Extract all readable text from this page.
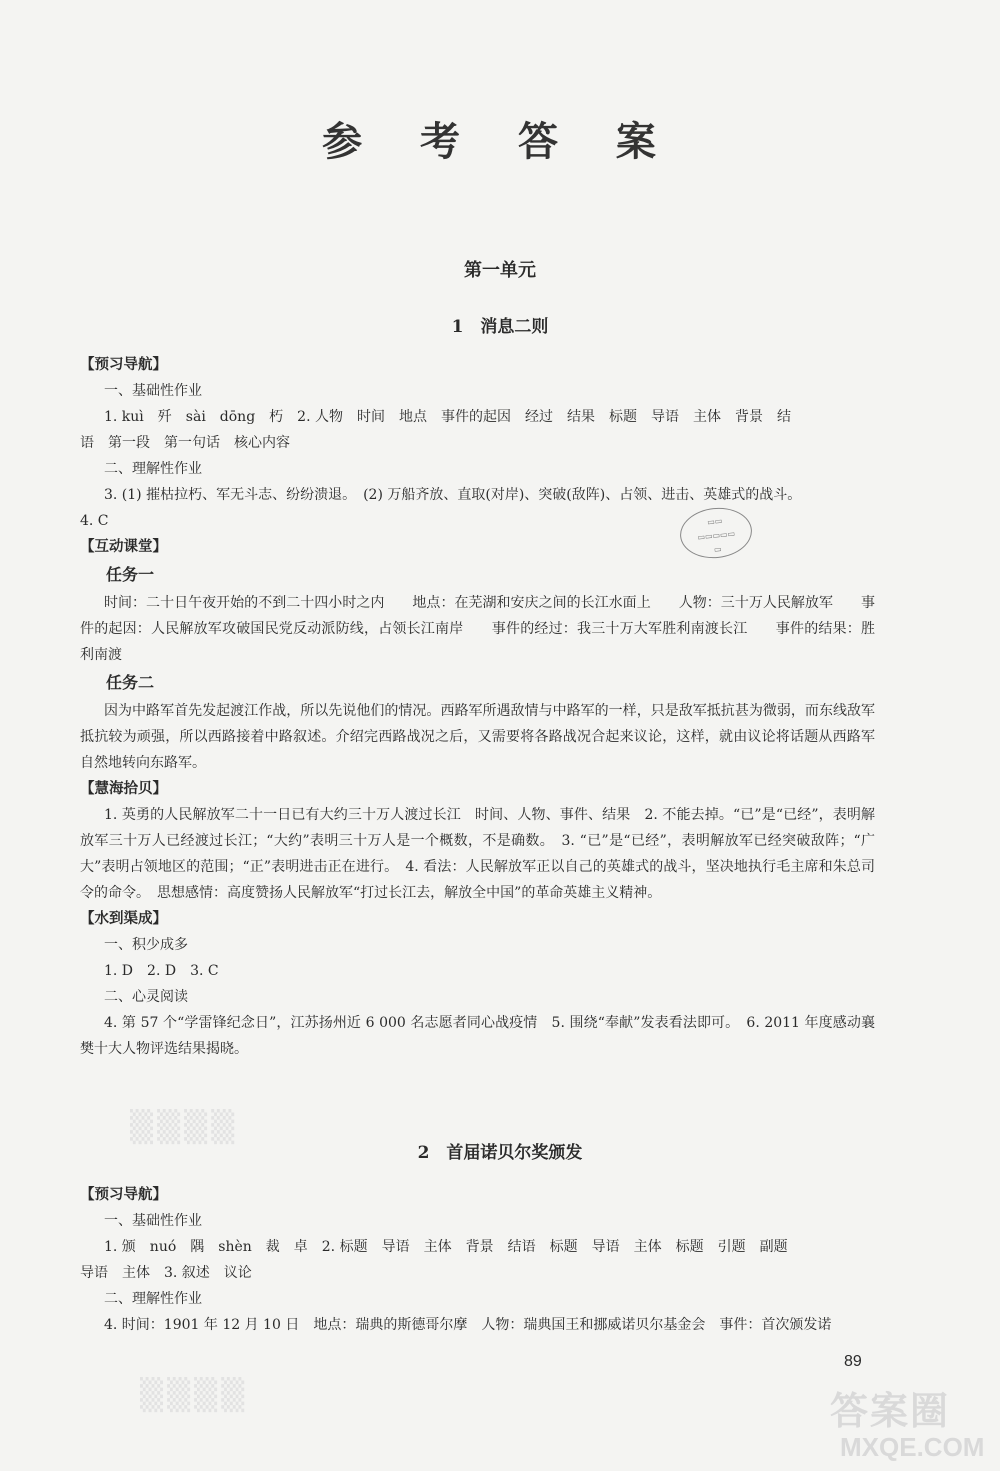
参 考 答 案
第一单元
1　消息二则

【预习导航】

一、基础性作业

1. kuì　歼　sài　dōng　朽　2. 人物　时间　地点　事件的起因　经过　结果　标题　导语　主体　背景　结

语　第一段　第一句话　核心内容

二、理解性作业

3. (1) 摧枯拉朽、军无斗志、纷纷溃退。　(2) 万船齐放、直取(对岸)、突破(敌阵)、占领、进击、英雄式的战斗。

4. C

【互动课堂】

任务一

时间：二十日午夜开始的不到二十四小时之内　　地点：在芜湖和安庆之间的长江水面上　　人物：三十万人民解放军　　事件的起因：人民解放军攻破国民党反动派防线，占领长江南岸　　事件的经过：我三十万大军胜利南渡长江　　事件的结果：胜利南渡

任务二

因为中路军首先发起渡江作战，所以先说他们的情况。西路军所遇敌情与中路军的一样，只是敌军抵抗甚为微弱，而东线敌军抵抗较为顽强，所以西路接着中路叙述。介绍完西路战况之后，又需要将各路战况合起来议论，这样，就由议论将话题从西路军自然地转向东路军。

【慧海拾贝】

1. 英勇的人民解放军二十一日已有大约三十万人渡过长江　时间、人物、事件、结果　2. 不能去掉。“已”是“已经”，表明解放军三十万人已经渡过长江；“大约”表明三十万人是一个概数，不是确数。　3. “已”是“已经”，表明解放军已经突破敌阵；“广大”表明占领地区的范围；“正”表明进击正在进行。　4. 看法：人民解放军正以自己的英雄式的战斗，坚决地执行毛主席和朱总司令的命令。　思想感情：高度赞扬人民解放军“打过长江去，解放全中国”的革命英雄主义精神。

【水到渠成】

一、积少成多

1. D　2. D　3. C

二、心灵阅读

4. 第 57 个“学雷锋纪念日”，江苏扬州近 6 000 名志愿者同心战疫情　5. 围绕“奉献”发表看法即可。　6. 2011 年度感动襄樊十大人物评选结果揭晓。

▭▭
▭▭▭▭▭
▭
2　首届诺贝尔奖颁发

【预习导航】

一、基础性作业

1. 颁　nuó　隅　shèn　裁　卓　2. 标题　导语　主体　背景　结语　标题　导语　主体　标题　引题　副题

导语　主体　3. 叙述　议论

二、理解性作业

4. 时间：1901 年 12 月 10 日　地点：瑞典的斯德哥尔摩　人物：瑞典国王和挪威诺贝尔基金会　事件：首次颁发诺

▒▒▒▒
▒▒▒▒
89
答案圈
MXQE.COM
